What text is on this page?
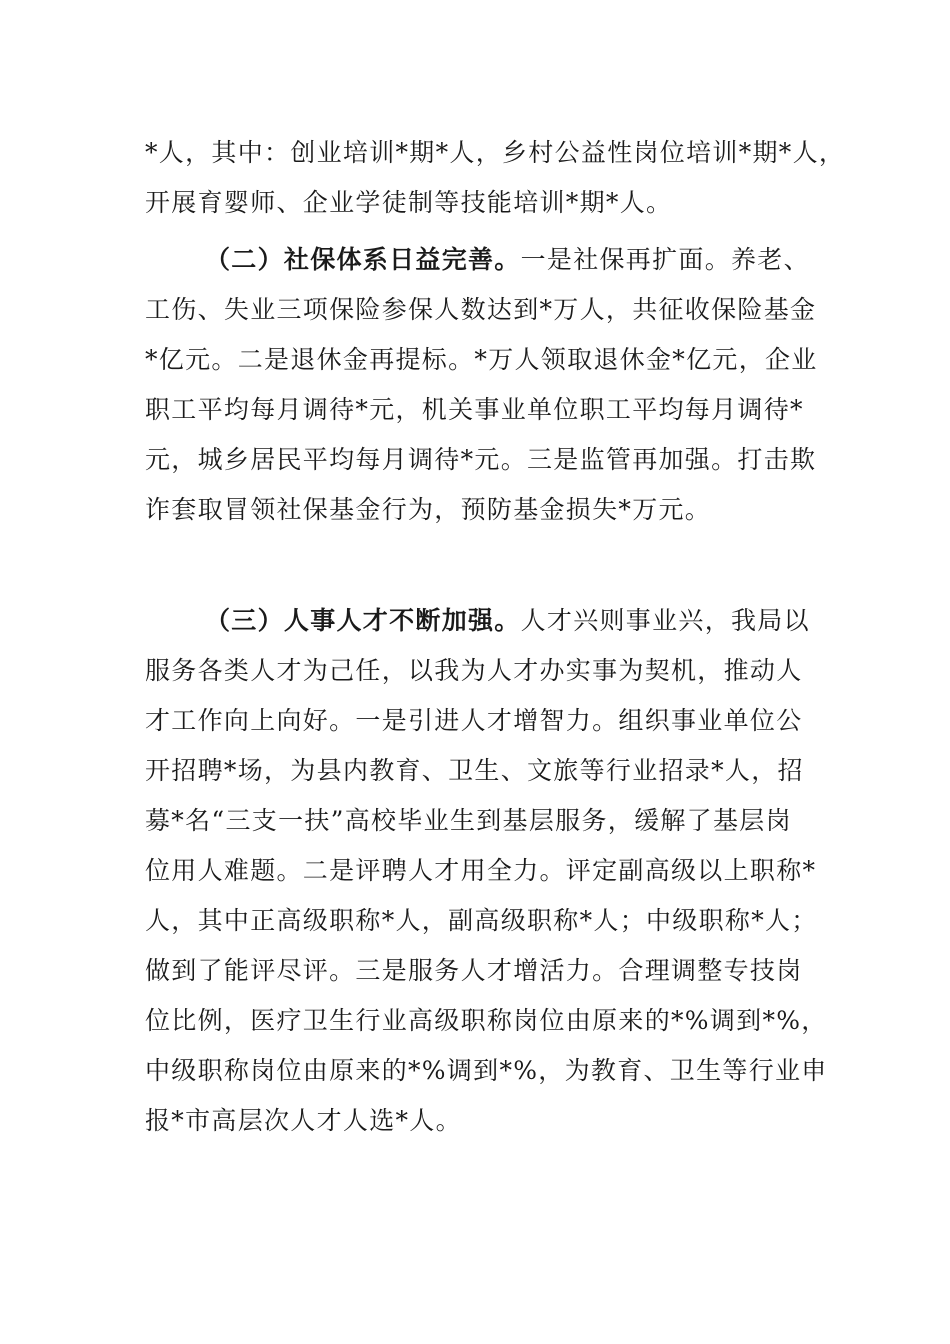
*人，其中：创业培训*期*人，乡村公益性岗位培训*期*人，
开展育婴师、企业学徒制等技能培训*期*人。
（二）社保体系日益完善。一是社保再扩面。养老、
工伤、失业三项保险参保人数达到*万人，共征收保险基金
*亿元。二是退休金再提标。*万人领取退休金*亿元，企业
职工平均每月调待*元，机关事业单位职工平均每月调待*
元，城乡居民平均每月调待*元。三是监管再加强。打击欺
诈套取冒领社保基金行为，预防基金损失*万元。
（三）人事人才不断加强。人才兴则事业兴，我局以
服务各类人才为己任，以我为人才办实事为契机，推动人
才工作向上向好。一是引进人才增智力。组织事业单位公
开招聘*场，为县内教育、卫生、文旅等行业招录*人，招
募*名“三支一扶”高校毕业生到基层服务，缓解了基层岗
位用人难题。二是评聘人才用全力。评定副高级以上职称*
人，其中正高级职称*人，副高级职称*人；中级职称*人；
做到了能评尽评。三是服务人才增活力。合理调整专技岗
位比例，医疗卫生行业高级职称岗位由原来的*%调到*%，
中级职称岗位由原来的*%调到*%，为教育、卫生等行业申
报*市高层次人才人选*人。
